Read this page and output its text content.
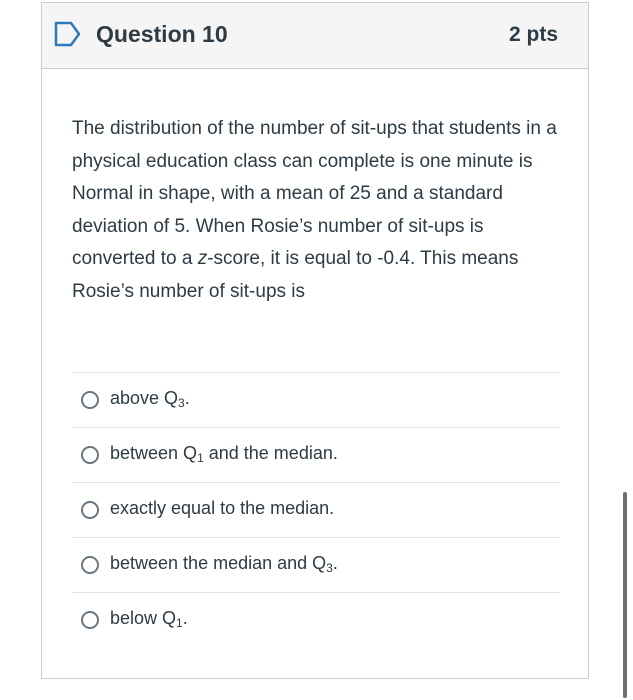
Question 10	2 pts
The distribution of the number of sit-ups that students in a physical education class can complete is one minute is Normal in shape, with a mean of 25 and a standard deviation of 5. When Rosie’s number of sit-ups is converted to a z-score, it is equal to -0.4. This means Rosie’s number of sit-ups is
above $Q_3$.
between $Q_1$ and the median.
exactly equal to the median.
between the median and $Q_3$.
below $Q_1$.
